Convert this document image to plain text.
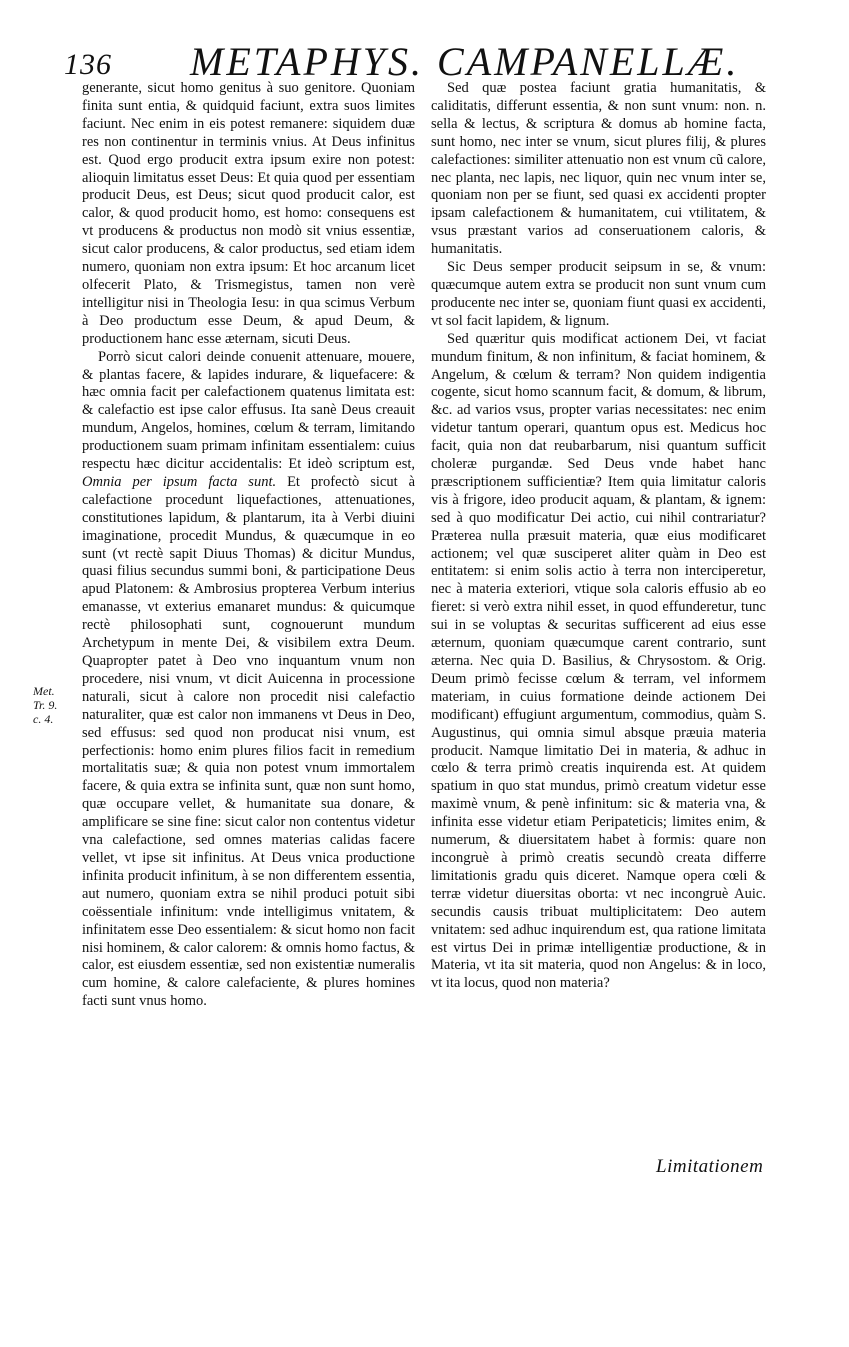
136 METAPHYS. CAMPANELLÆ.
Met.
Tr. 9.
c. 4.

generante, sicut homo genitus à suo genitore. Quoniam finita sunt entia, & quidquid faciunt, extra suos limites faciunt. Nec enim in eis potest remanere: siquidem duæ res non continentur in terminis vnius. At Deus infinitus est. Quod ergo producit extra ipsum exire non potest: alioquin limitatus esset Deus: Et quia quod per essentiam producit Deus, est Deus; sicut quod producit calor, est calor, & quod producit homo, est homo: consequens est vt producens & productus non modò sit vnius essentiæ, sicut calor producens, & calor productus, sed etiam idem numero, quoniam non extra ipsum: Et hoc arcanum licet olfecerit Plato, & Trismegistus, tamen non verè intelligitur nisi in Theologia Iesu: in qua scimus Verbum à Deo productum esse Deum, & apud Deum, & productionem hanc esse æternam, sicuti Deus.

Porrò sicut calori deinde conuenit attenuare, mouere, & plantas facere, & lapides indurare, & liquefacere: & hæc omnia facit per calefactionem quatenus limitata est: & calefactio est ipse calor effusus. Ita sanè Deus creauit mundum, Angelos, homines, cœlum & terram, limitando productionem suam primam infinitam essentialem: cuius respectu hæc dicitur accidentalis: Et ideò scriptum est, Omnia per ipsum facta sunt. Et profectò sicut à calefactione procedunt liquefactiones, attenuationes, constitutiones lapidum, & plantarum, ita à Verbi diuini imaginatione, procedit Mundus, & quæcumque in eo sunt (vt rectè sapit Diuus Thomas) & dicitur Mundus, quasi filius secundus summi boni, & participatione Deus apud Platonem: & Ambrosius propterea Verbum interius emanasse, vt exterius emanaret mundus: & quicumque rectè philosophati sunt, cognouerunt mundum Archetypum in mente Dei, & visibilem extra Deum. Quapropter patet à Deo vno inquantum vnum non procedere, nisi vnum, vt dicit Auicenna in processione naturali, sicut à calore non procedit nisi calefactio naturaliter, quæ est calor non immanens vt Deus in Deo, sed effusus: sed quod non producat nisi vnum, est perfectionis: homo enim plures filios facit in remedium mortalitatis suæ; & quia non potest vnum immortalem facere, & quia extra se infinita sunt, quæ non sunt homo, quæ occupare vellet, & humanitate sua donare, & amplificare se sine fine: sicut calor non contentus videtur vna calefactione, sed omnes materias calidas facere vellet, vt ipse sit infinitus. At Deus vnica productione infinita producit infinitum, à se non differentem essentia, aut numero, quoniam extra se nihil produci potuit sibi coëssentiale infinitum: vnde intelligimus vnitatem, & infinitatem esse Deo essentialem: & sicut homo non facit nisi hominem, & calor calorem: & omnis homo factus, & calor, est eiusdem essentiæ, sed non existentiæ numeralis cum homine, & calore calefaciente, & plures homines facti sunt vnus homo.

Sed quæ postea faciunt gratia humanitatis, & caliditatis, differunt essentia, & non sunt vnum: non. n. sella & lectus, & scriptura & domus ab homine facta, sunt homo, nec inter se vnum, sicut plures filij, & plures calefactiones: similiter attenuatio non est vnum cũ calore, nec planta, nec lapis, nec liquor, quin nec vnum inter se, quoniam non per se fiunt, sed quasi ex accidenti propter ipsam calefactionem & humanitatem, cui vtilitatem, & vsus præstant varios ad conseruationem caloris, & humanitatis.

Sic Deus semper producit seipsum in se, & vnum: quæcumque autem extra se producit non sunt vnum cum producente nec inter se, quoniam fiunt quasi ex accidenti, vt sol facit lapidem, & lignum.

Sed quæritur quis modificat actionem Dei, vt faciat mundum finitum, & non infinitum, & faciat hominem, & Angelum, & cœlum & terram? Non quidem indigentia cogente, sicut homo scannum facit, & domum, & librum, &c. ad varios vsus, propter varias necessitates: nec enim videtur tantum operari, quantum opus est. Medicus hoc facit, quia non dat reubarbarum, nisi quantum sufficit choleræ purgandæ. Sed Deus vnde habet hanc præscriptionem sufficientiæ? Item quia limitatur caloris vis à frigore, ideo producit aquam, & plantam, & ignem: sed à quo modificatur Dei actio, cui nihil contrariatur? Præterea nulla præsuit materia, quæ eius modificaret actionem; vel quæ susciperet aliter quàm in Deo est entitatem: si enim solis actio à terra non interciperetur, nec à materia exteriori, vtique sola caloris effusio ab eo fieret: si verò extra nihil esset, in quod effunderetur, tunc sui in se voluptas & securitas sufficerent ad eius esse æternum, quoniam quæcumque carent contrario, sunt æterna. Nec quia D. Basilius, & Chrysostom. & Orig. Deum primò fecisse cœlum & terram, vel informem materiam, in cuius formatione deinde actionem Dei modificant) effugiunt argumentum, commodius, quàm S. Augustinus, qui omnia simul absque præuia materia producit. Namque limitatio Dei in materia, & adhuc in cœlo & terra primò creatis inquirenda est. At quidem spatium in quo stat mundus, primò creatum videtur esse maximè vnum, & penè infinitum: sic & materia vna, & infinita esse videtur etiam Peripateticis; limites enim, & numerum, & diuersitatem habet à formis: quare non incongruè à primò creatis secundò creata differre limitationis gradu quis diceret. Namque opera cœli & terræ videtur diuersitas oborta: vt nec incongruè Auic. secundis causis tribuat multiplicitatem: Deo autem vnitatem: sed adhuc inquirendum est, qua ratione limitata est virtus Dei in primæ intelligentiæ productione, & in Materia, vt ita sit materia, quod non Angelus: & in loco, vt ita locus, quod non materia?

Limitationem
